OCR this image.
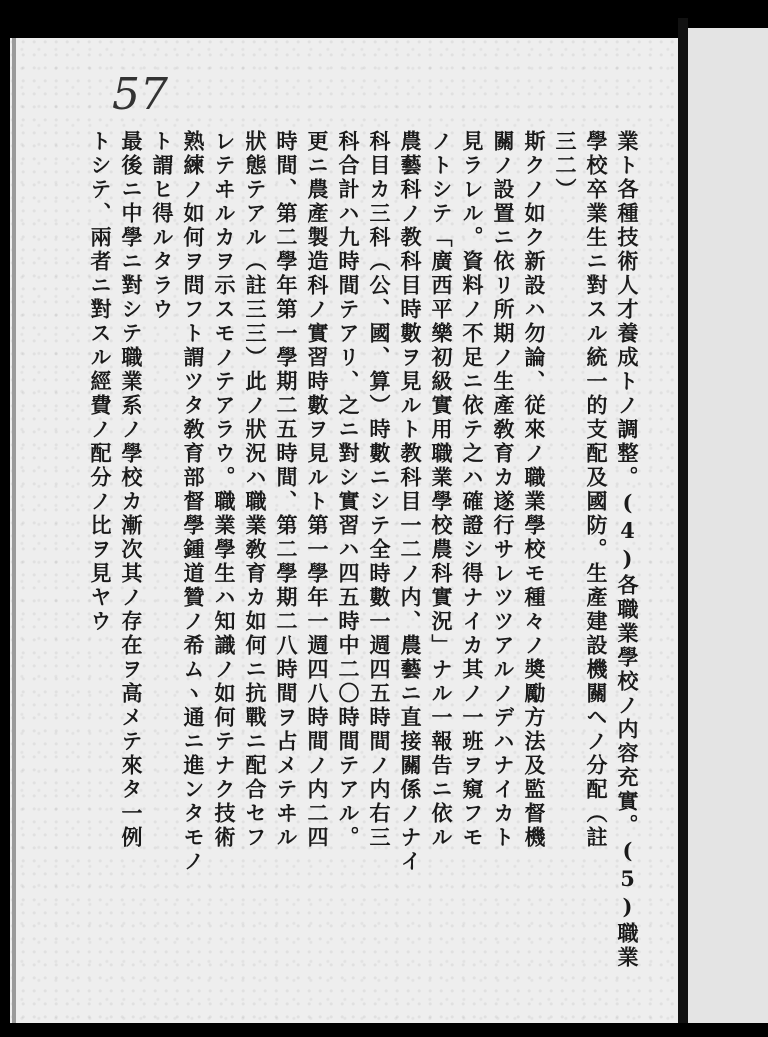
57
業ト各種技術人才養成トノ調整。(4)各職業學校ノ内容充實。(5)職業
學校卒業生ニ對スル統一的支配及國防。生產建設機關ヘノ分配（註
三二）
斯クノ如ク新設ハ勿論、従來ノ職業學校モ種々ノ奬勵方法及監督機
關ノ設置ニ依リ所期ノ生產敎育カ遂行サレツツアルノデハナイカト
見ラレル。資料ノ不足ニ依テ之ハ確證シ得ナイカ其ノ一班ヲ窺フモ
ノトシテ「廣西平樂初級實用職業學校農科實況」ナル一報告ニ依ル
農藝科ノ教科目時數ヲ見ルト教科目一二ノ内、農藝ニ直接關係ノナイ
科目カ三科（公、國、算）時數ニシテ全時數一週四五時間ノ内右三
科合計ハ九時間テアリ、之ニ對シ實習ハ四五時中二〇時間テアル。
更ニ農產製造科ノ實習時數ヲ見ルト第一學年一週四八時間ノ内二四
時間、第二學年第一學期二五時間、第二學期二八時間ヲ占メテヰル
狀態テアル（註三三）此ノ狀況ハ職業敎育カ如何ニ抗戰ニ配合セフ
レテヰルカヲ示スモノテアラウ。職業學生ハ知識ノ如何テナク技術
熟練ノ如何ヲ問フト謂ツタ敎育部督學鍾道贊ノ希ムヽ通ニ進ンタモノ
ト謂ヒ得ルタラウ
最後ニ中學ニ對シテ職業系ノ學校カ漸次其ノ存在ヲ高メテ來タ一例
トシテ、兩者ニ對スル經費ノ配分ノ比ヲ見ヤウ
